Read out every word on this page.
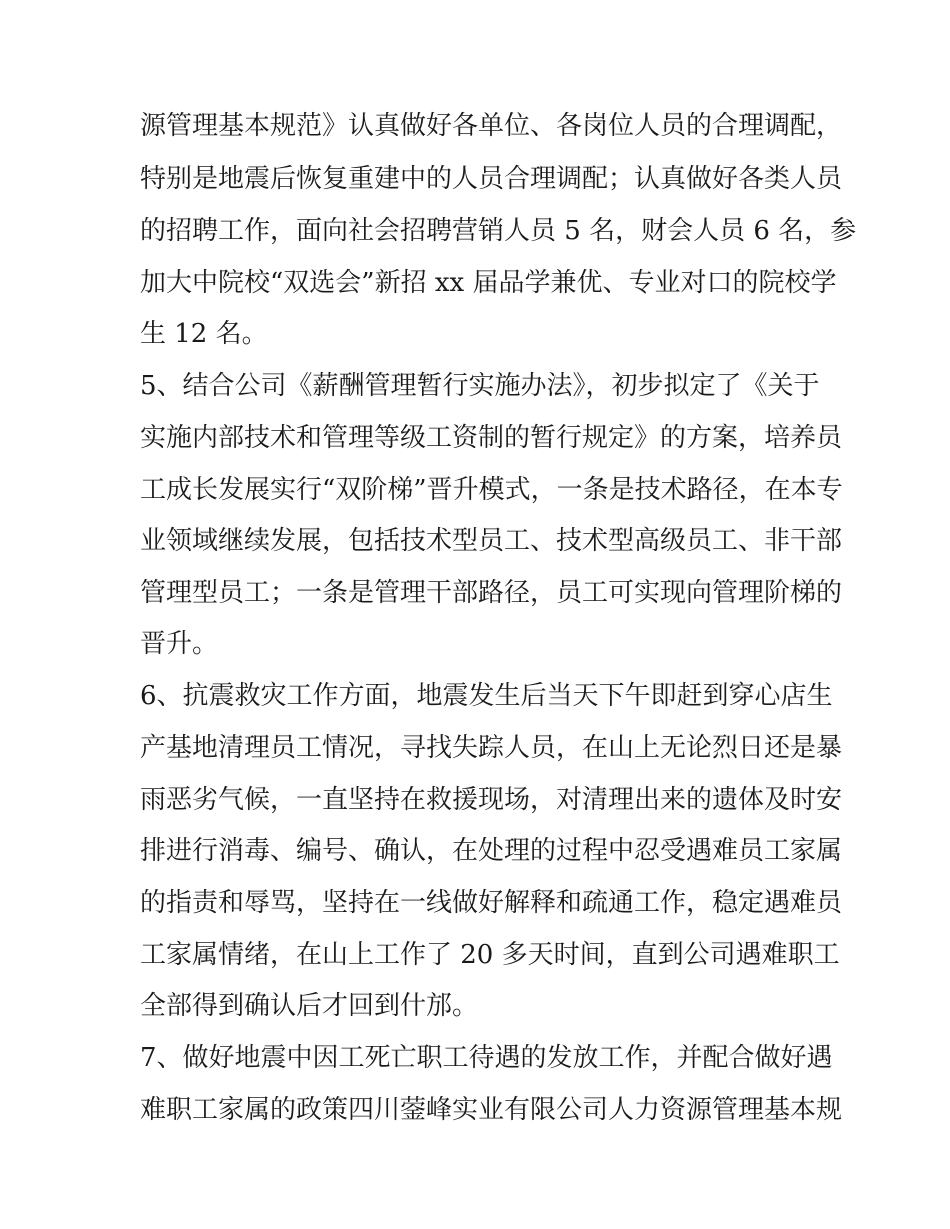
源管理基本规范》认真做好各单位、各岗位人员的合理调配，
特别是地震后恢复重建中的人员合理调配；认真做好各类人员
的招聘工作，面向社会招聘营销人员 5 名，财会人员 6 名，参
加大中院校“双选会”新招 xx 届品学兼优、专业对口的院校学
生 12 名。
5、结合公司《薪酬管理暂行实施办法》，初步拟定了《关于
实施内部技术和管理等级工资制的暂行规定》的方案，培养员
工成长发展实行“双阶梯”晋升模式，一条是技术路径，在本专
业领域继续发展，包括技术型员工、技术型高级员工、非干部
管理型员工；一条是管理干部路径，员工可实现向管理阶梯的
晋升。
6、抗震救灾工作方面，地震发生后当天下午即赶到穿心店生
产基地清理员工情况，寻找失踪人员，在山上无论烈日还是暴
雨恶劣气候，一直坚持在救援现场，对清理出来的遗体及时安
排进行消毒、编号、确认，在处理的过程中忍受遇难员工家属
的指责和辱骂，坚持在一线做好解释和疏通工作，稳定遇难员
工家属情绪，在山上工作了 20 多天时间，直到公司遇难职工
全部得到确认后才回到什邡。
7、做好地震中因工死亡职工待遇的发放工作，并配合做好遇
难职工家属的政策四川蓥峰实业有限公司人力资源管理基本规
